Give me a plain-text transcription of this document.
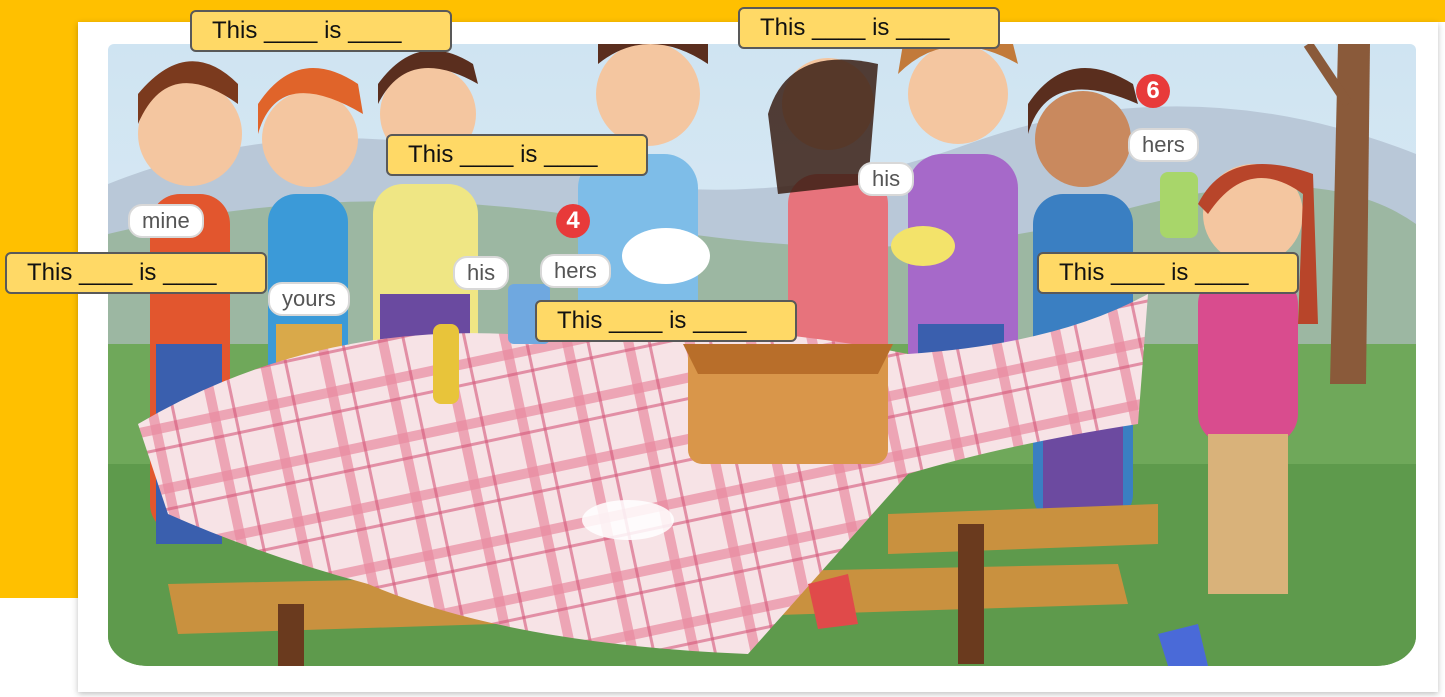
mine
yours
his	hers
his
hers
4
6
This ____ is ____	This ____ is ____
This ____ is ____
This ____ is ____	This ____ is ____
This ____ is ____
